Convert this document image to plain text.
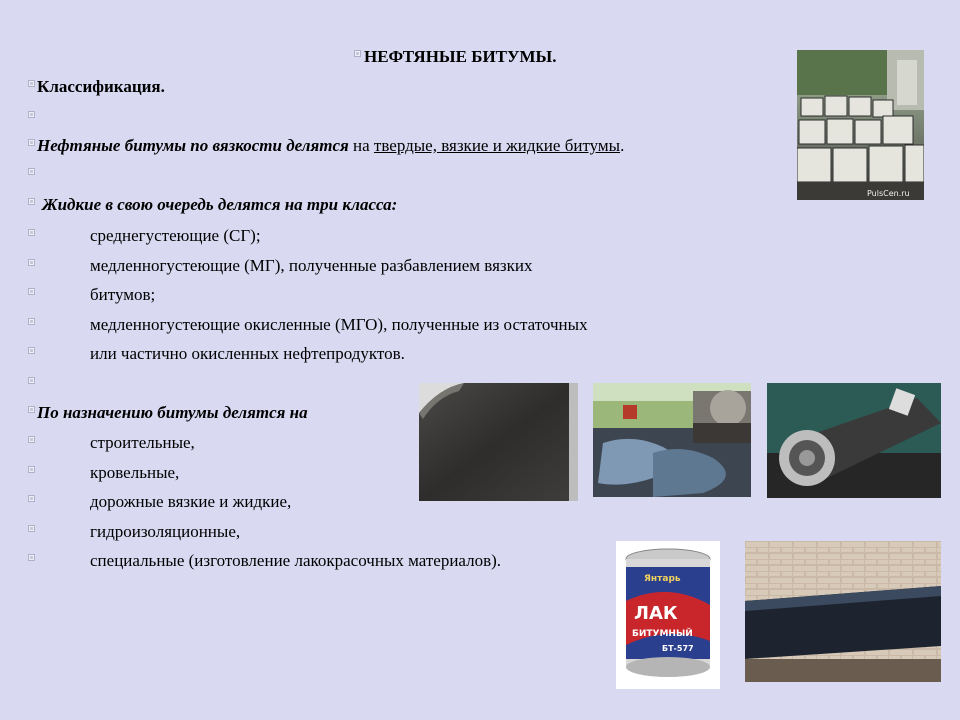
НЕФТЯНЫЕ БИТУМЫ.
Классификация.
Нефтяные битумы по вязкости делятся на твердые, вязкие и жидкие битумы.
Жидкие в свою очередь делятся на три класса:
среднегустеющие (СГ);
медленногустеющие (МГ), полученные разбавлением вязких
битумов;
медленногустеющие окисленные (МГО), полученные из остаточных
или частично окисленных нефтепродуктов.
По назначению битумы делятся на
строительные,
кровельные,
дорожные вязкие и жидкие,
гидроизоляционные,
специальные (изготовление лакокрасочных материалов).
PulsCen.ru
Янтарь
ЛАК
БИТУМНЫЙ
БТ-577
